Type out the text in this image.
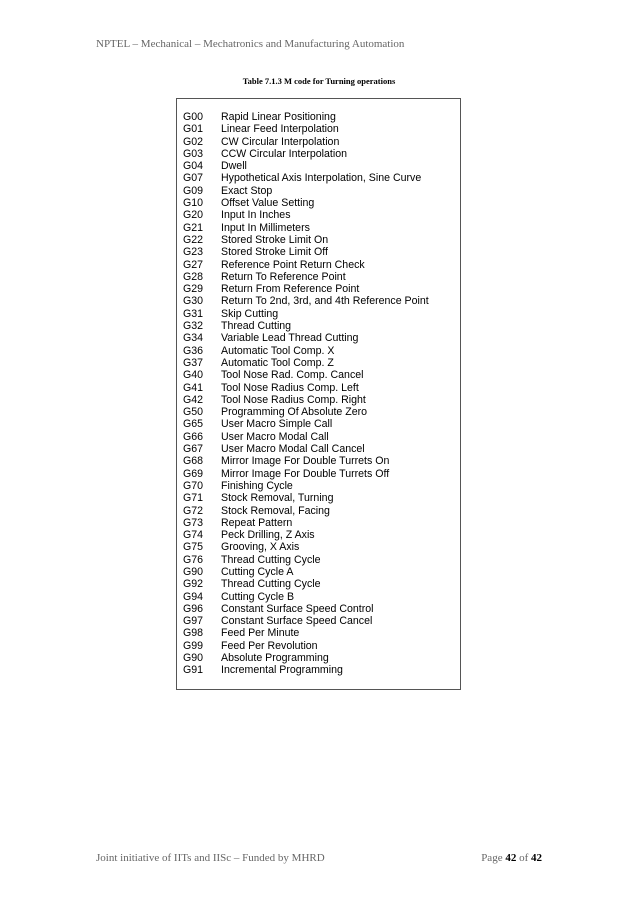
NPTEL – Mechanical – Mechatronics and Manufacturing Automation
Table 7.1.3 M code for Turning operations
G00	Rapid Linear Positioning
G01	Linear Feed Interpolation
G02	CW Circular Interpolation
G03	CCW Circular Interpolation
G04	Dwell
G07	Hypothetical Axis Interpolation, Sine Curve
G09	Exact Stop
G10	Offset Value Setting
G20	Input In Inches
G21	Input In Millimeters
G22	Stored Stroke Limit On
G23	Stored Stroke Limit Off
G27	Reference Point Return Check
G28	Return To Reference Point
G29	Return From Reference Point
G30	Return To 2nd, 3rd, and 4th Reference Point
G31	Skip Cutting
G32	Thread Cutting
G34	Variable Lead Thread Cutting
G36	Automatic Tool Comp. X
G37	Automatic Tool Comp. Z
G40	Tool Nose Rad. Comp. Cancel
G41	Tool Nose Radius Comp. Left
G42	Tool Nose Radius Comp. Right
G50	Programming Of Absolute Zero
G65	User Macro Simple Call
G66	User Macro Modal Call
G67	User Macro Modal Call Cancel
G68	Mirror Image For Double Turrets On
G69	Mirror Image For Double Turrets Off
G70	Finishing Cycle
G71	Stock Removal, Turning
G72	Stock Removal, Facing
G73	Repeat Pattern
G74	Peck Drilling, Z Axis
G75	Grooving, X Axis
G76	Thread Cutting Cycle
G90	Cutting Cycle A
G92	Thread Cutting Cycle
G94	Cutting Cycle B
G96	Constant Surface Speed Control
G97	Constant Surface Speed Cancel
G98	Feed Per Minute
G99	Feed Per Revolution
G90	Absolute Programming
G91	Incremental Programming
Joint initiative of IITs and IISc – Funded by MHRD	Page 42 of 42
